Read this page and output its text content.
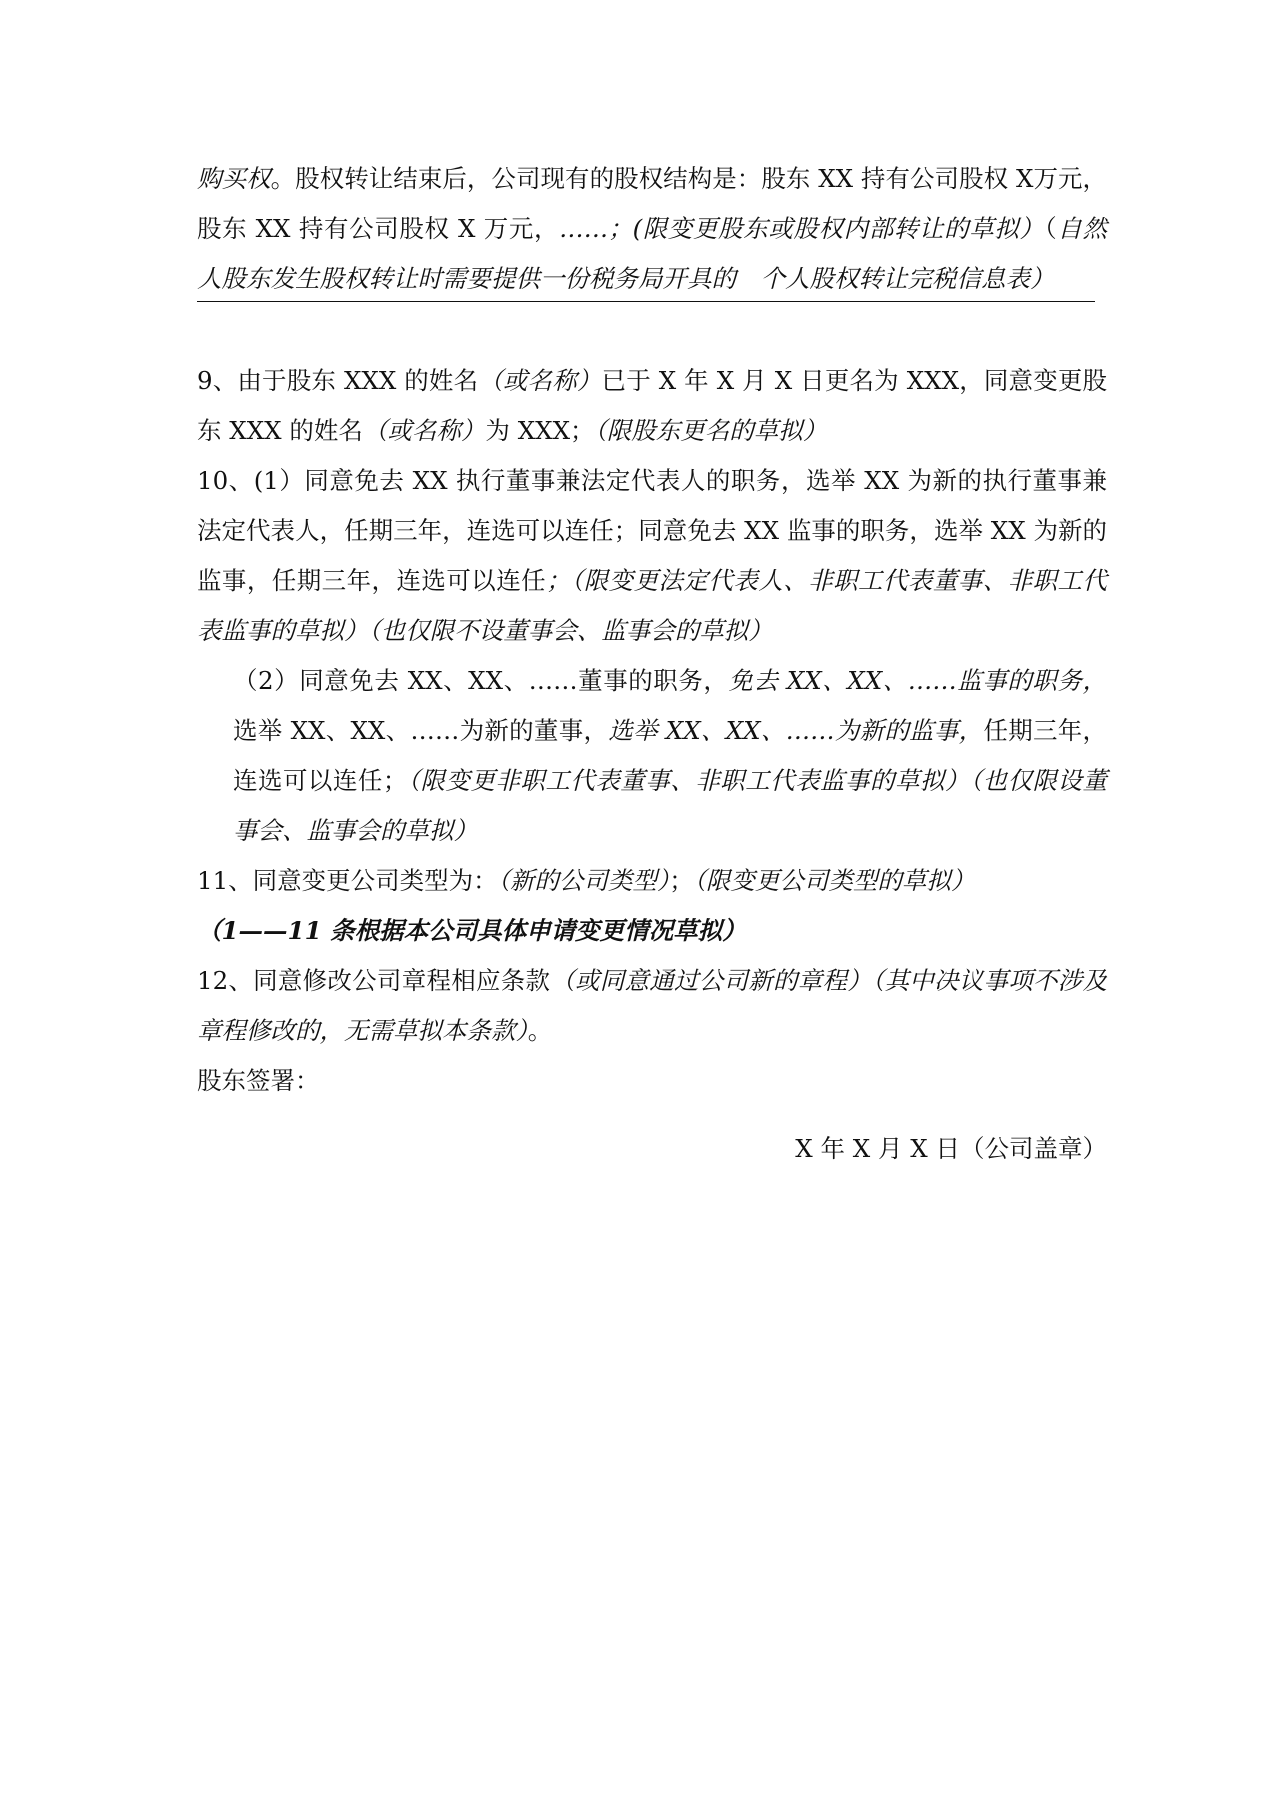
购买权。股权转让结束后，公司现有的股权结构是：股东 XX 持有公司股权 X万元，股东 XX 持有公司股权 X 万元，……；(限变更股东或股权内部转让的草拟）（自然人股东发生股权转让时需要提供一份税务局开具的　个人股权转让完税信息表）

9、由于股东 XXX 的姓名（或名称）已于 X 年 X 月 X 日更名为 XXX，同意变更股东 XXX 的姓名（或名称）为 XXX；（限股东更名的草拟）

10、(1）同意免去 XX 执行董事兼法定代表人的职务，选举 XX 为新的执行董事兼法定代表人，任期三年，连选可以连任；同意免去 XX 监事的职务，选举 XX 为新的监事，任期三年，连选可以连任；（限变更法定代表人、非职工代表董事、非职工代表监事的草拟）（也仅限不设董事会、监事会的草拟）

（2）同意免去 XX、XX、……董事的职务，免去 XX、XX、……监事的职务，选举 XX、XX、……为新的董事，选举 XX、XX、……为新的监事，任期三年，连选可以连任；（限变更非职工代表董事、非职工代表监事的草拟）（也仅限设董事会、监事会的草拟）

11、同意变更公司类型为：（新的公司类型）；（限变更公司类型的草拟）

（1——11 条根据本公司具体申请变更情况草拟）

12、同意修改公司章程相应条款（或同意通过公司新的章程）（其中决议事项不涉及章程修改的，无需草拟本条款）。

股东签署：

X 年 X 月 X 日（公司盖章）
